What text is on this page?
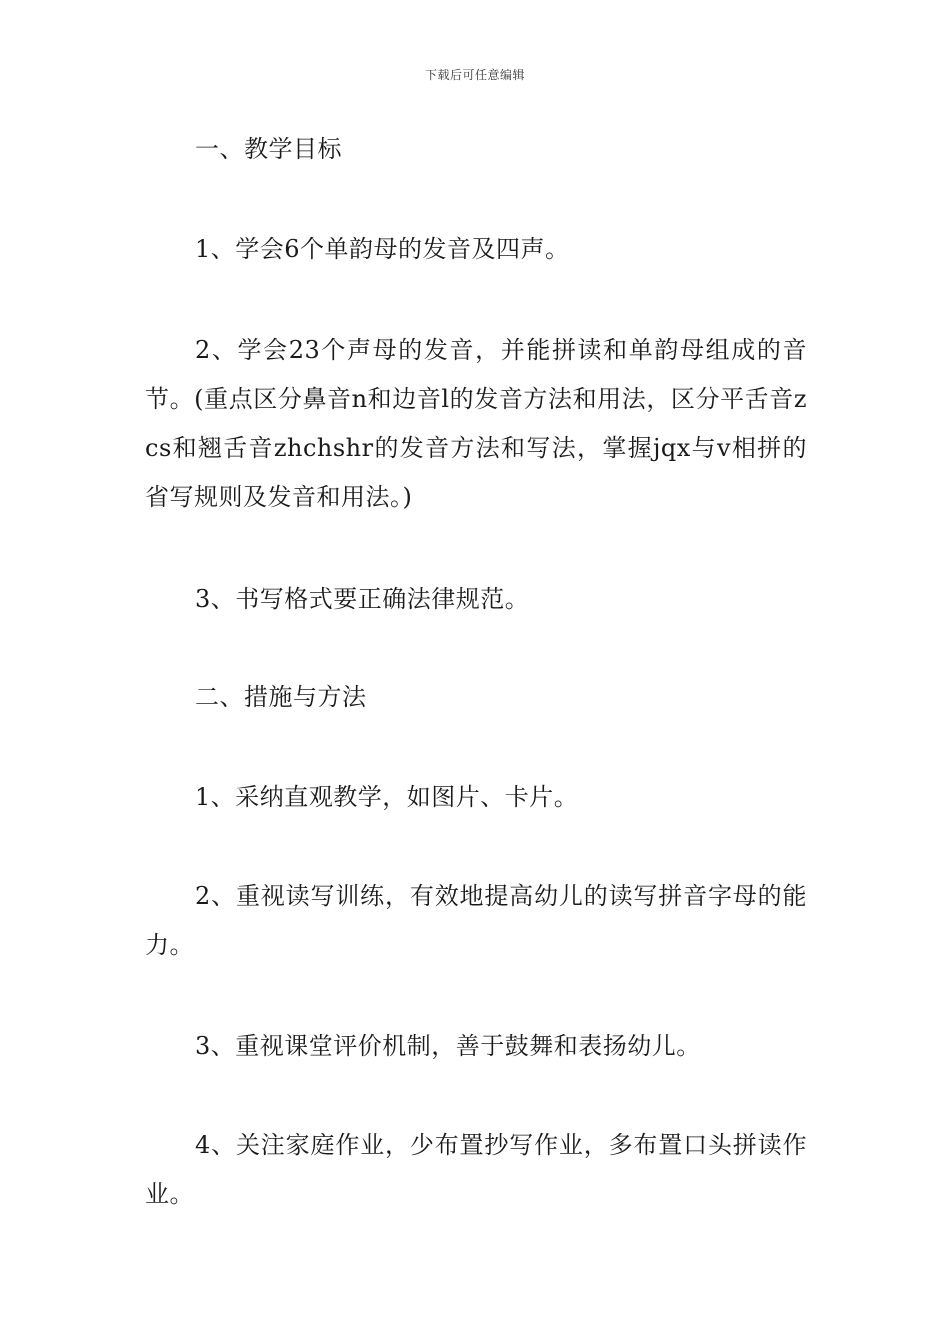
下载后可任意编辑

一、教学目标

1、学会6个单韵母的发音及四声。

2、学会23个声母的发音，并能拼读和单韵母组成的音节。(重点区分鼻音n和边音l的发音方法和用法，区分平舌音zcs和翘舌音zhchshr的发音方法和写法，掌握jqx与v相拼的省写规则及发音和用法。)

3、书写格式要正确法律规范。

二、措施与方法

1、采纳直观教学，如图片、卡片。

2、重视读写训练，有效地提高幼儿的读写拼音字母的能力。

3、重视课堂评价机制，善于鼓舞和表扬幼儿。

4、关注家庭作业，少布置抄写作业，多布置口头拼读作业。
